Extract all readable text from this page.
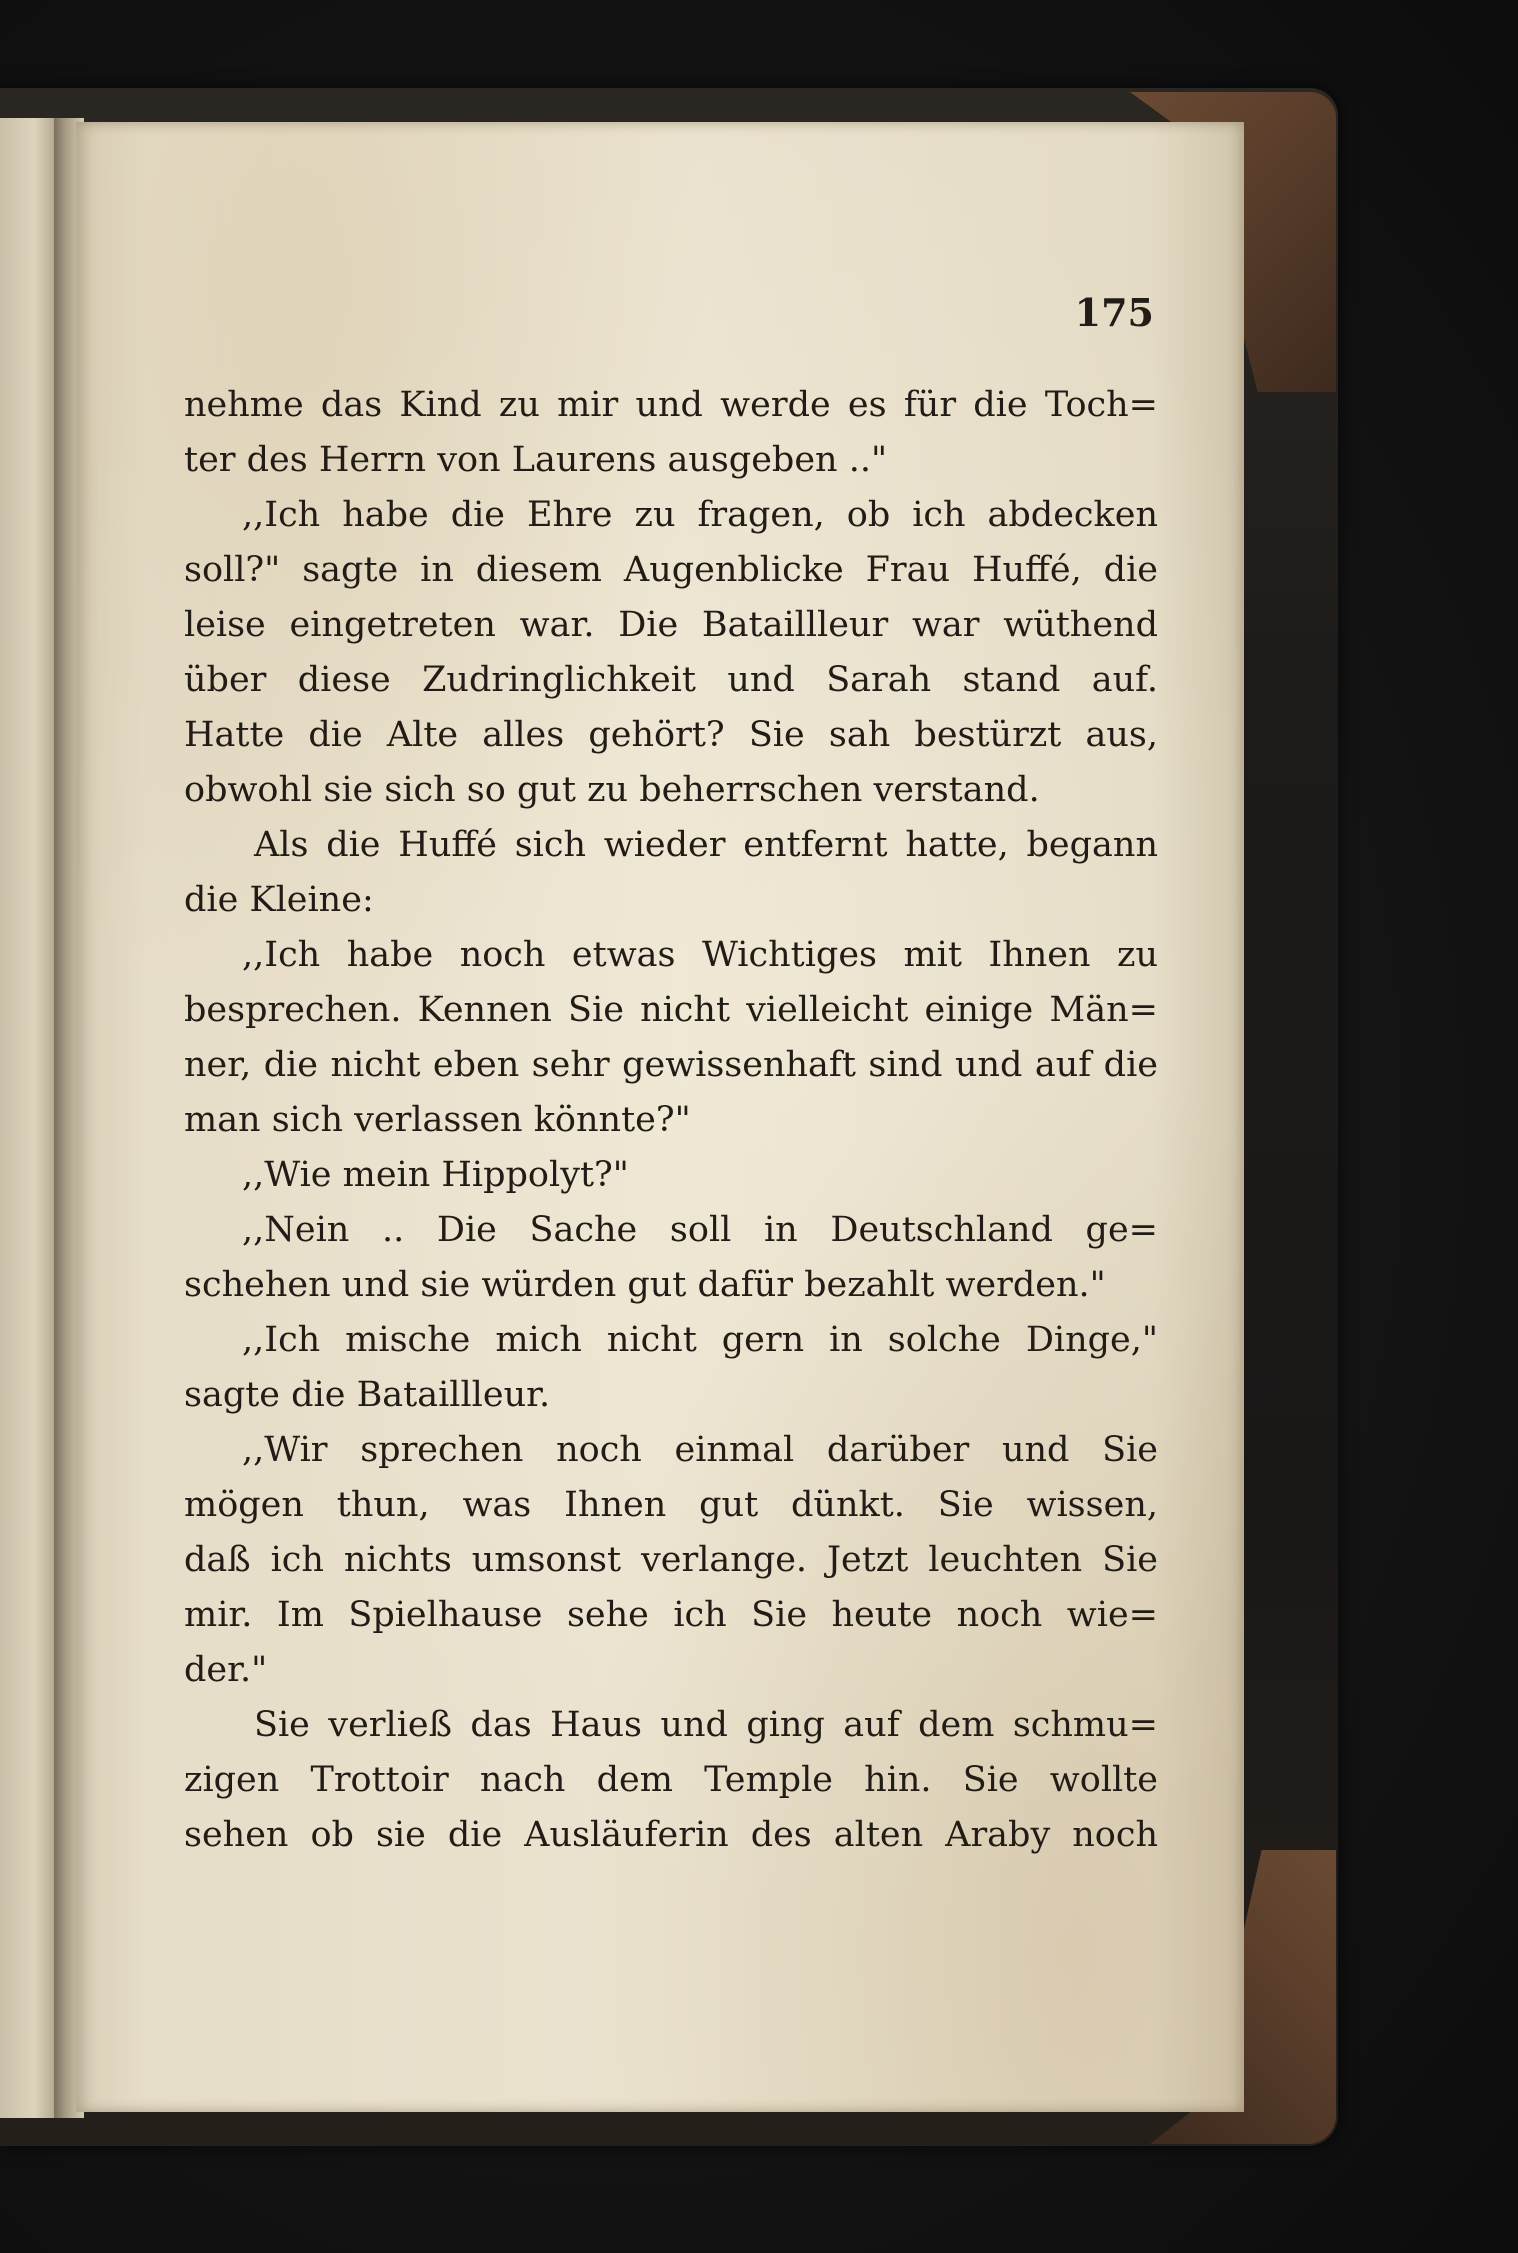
175

nehme das Kind zu mir und werde es für die Toch=
ter des Herrn von Laurens ausgeben .."
,,Ich habe die Ehre zu fragen, ob ich abdecken
soll?" sagte in diesem Augenblicke Frau Huffé, die
leise eingetreten war. Die Bataillleur war wüthend
über diese Zudringlichkeit und Sarah stand auf.
Hatte die Alte alles gehört? Sie sah bestürzt aus,
obwohl sie sich so gut zu beherrschen verstand.
Als die Huffé sich wieder entfernt hatte, begann
die Kleine:
,,Ich habe noch etwas Wichtiges mit Ihnen zu
besprechen. Kennen Sie nicht vielleicht einige Män=
ner, die nicht eben sehr gewissenhaft sind und auf die
man sich verlassen könnte?"
,,Wie mein Hippolyt?"
,,Nein .. Die Sache soll in Deutschland ge=
schehen und sie würden gut dafür bezahlt werden."
,,Ich mische mich nicht gern in solche Dinge,"
sagte die Bataillleur.
,,Wir sprechen noch einmal darüber und Sie
mögen thun, was Ihnen gut dünkt. Sie wissen,
daß ich nichts umsonst verlange. Jetzt leuchten Sie
mir. Im Spielhause sehe ich Sie heute noch wie=
der."
Sie verließ das Haus und ging auf dem schmu=
zigen Trottoir nach dem Temple hin. Sie wollte
sehen ob sie die Ausläuferin des alten Araby noch
